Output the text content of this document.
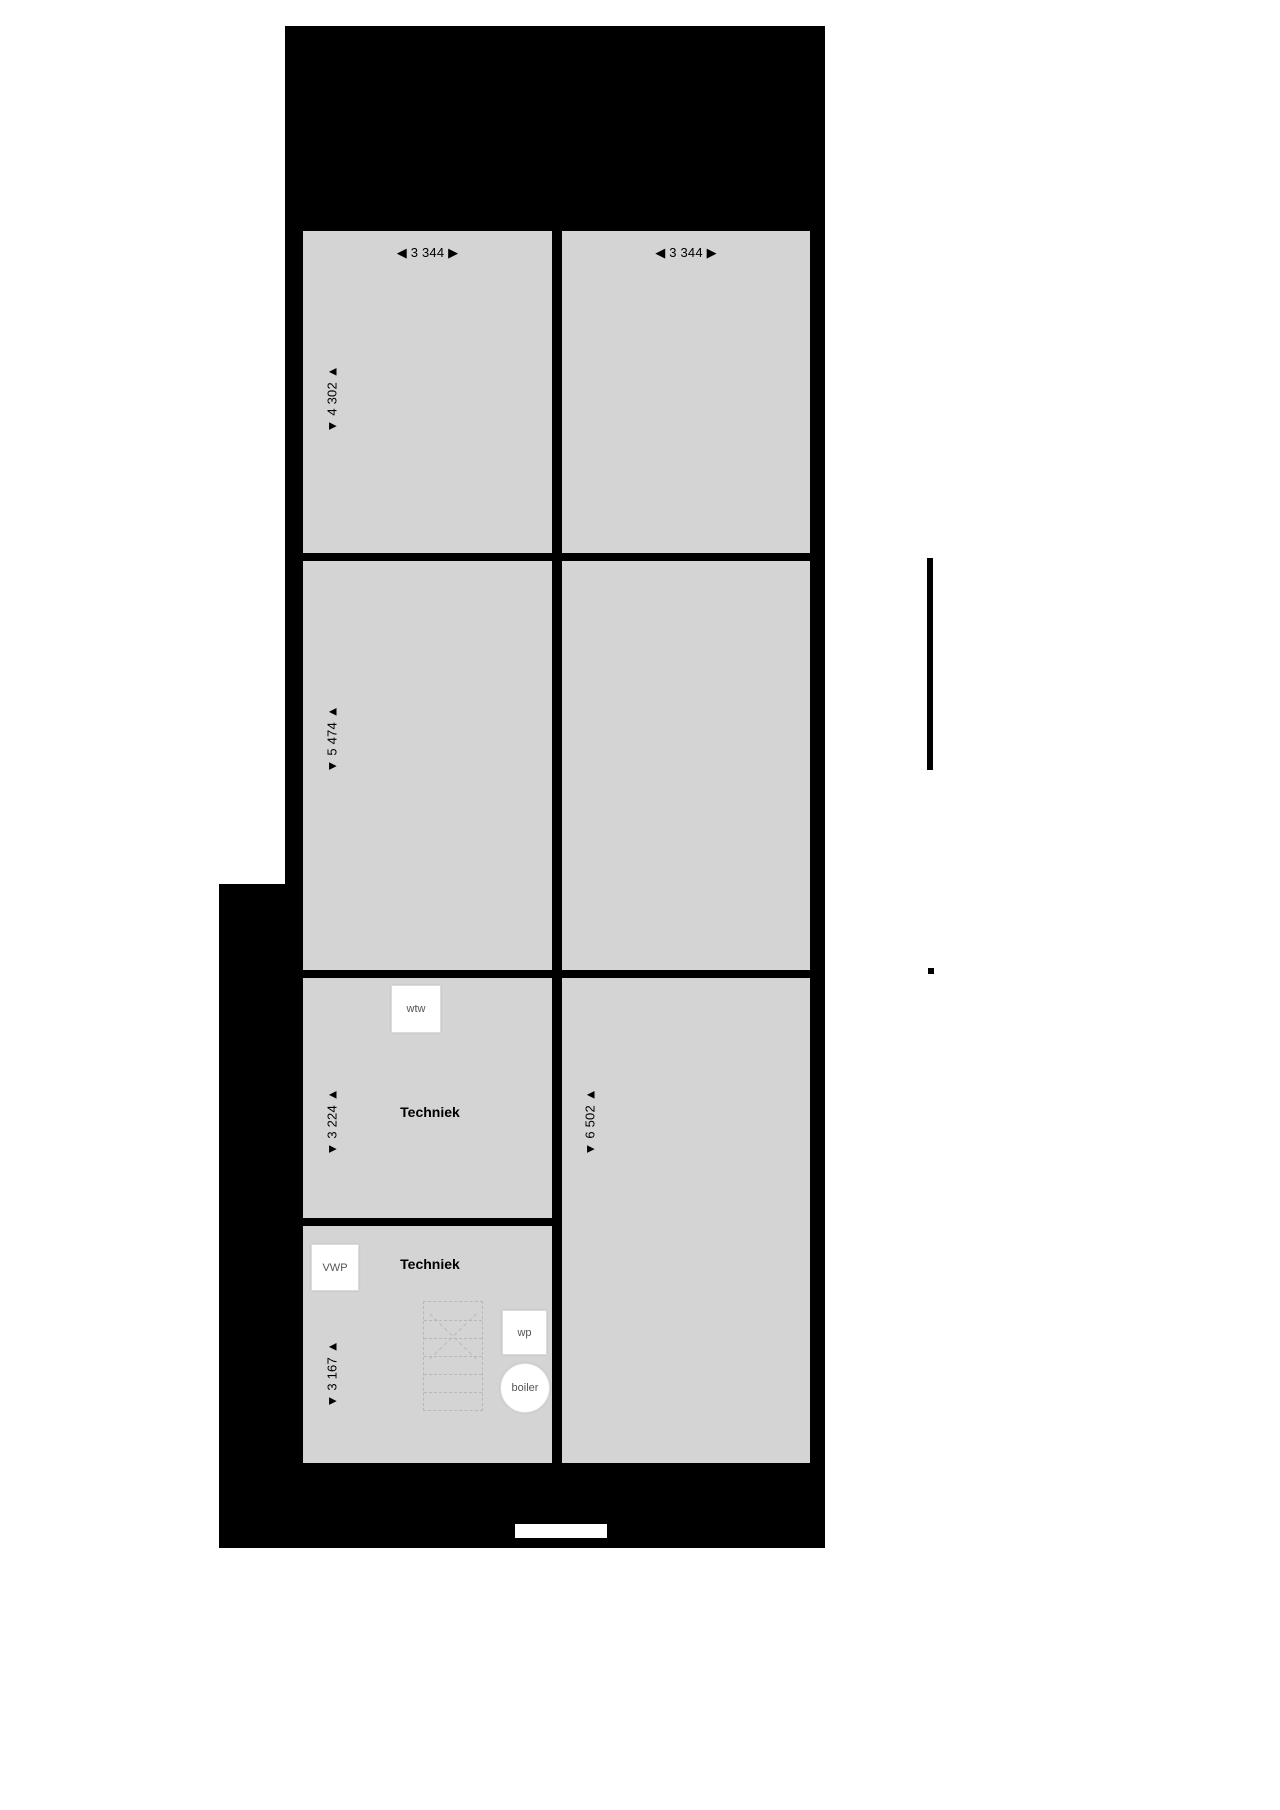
◀ 3 344 ▶	◀ 3 344 ▶
▼ 4 302 ▲
▼ 5 474 ▲
▼ 3 224 ▲
▼ 6 502 ▲
▼ 3 167 ▲
Techniek
Techniek
wtw
VWP
wp
boiler
